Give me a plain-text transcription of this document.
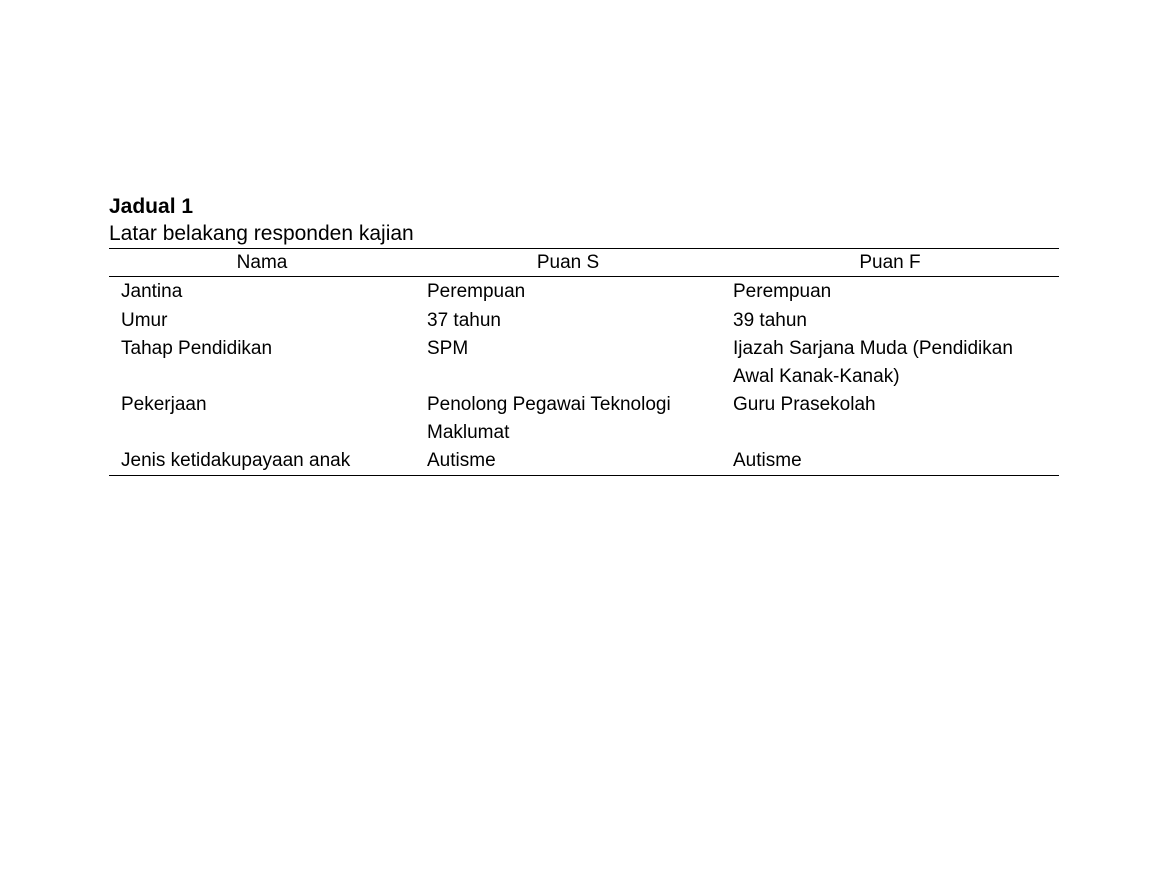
Jadual 1

Latar belakang responden kajian

Nama	Puan S	Puan F
Jantina	Perempuan	Perempuan
Umur	37 tahun	39 tahun
Tahap Pendidikan	SPM	Ijazah Sarjana Muda (Pendidikan Awal Kanak-Kanak)
Pekerjaan	Penolong Pegawai Teknologi Maklumat	Guru Prasekolah
Jenis ketidakupayaan anak	Autisme	Autisme
